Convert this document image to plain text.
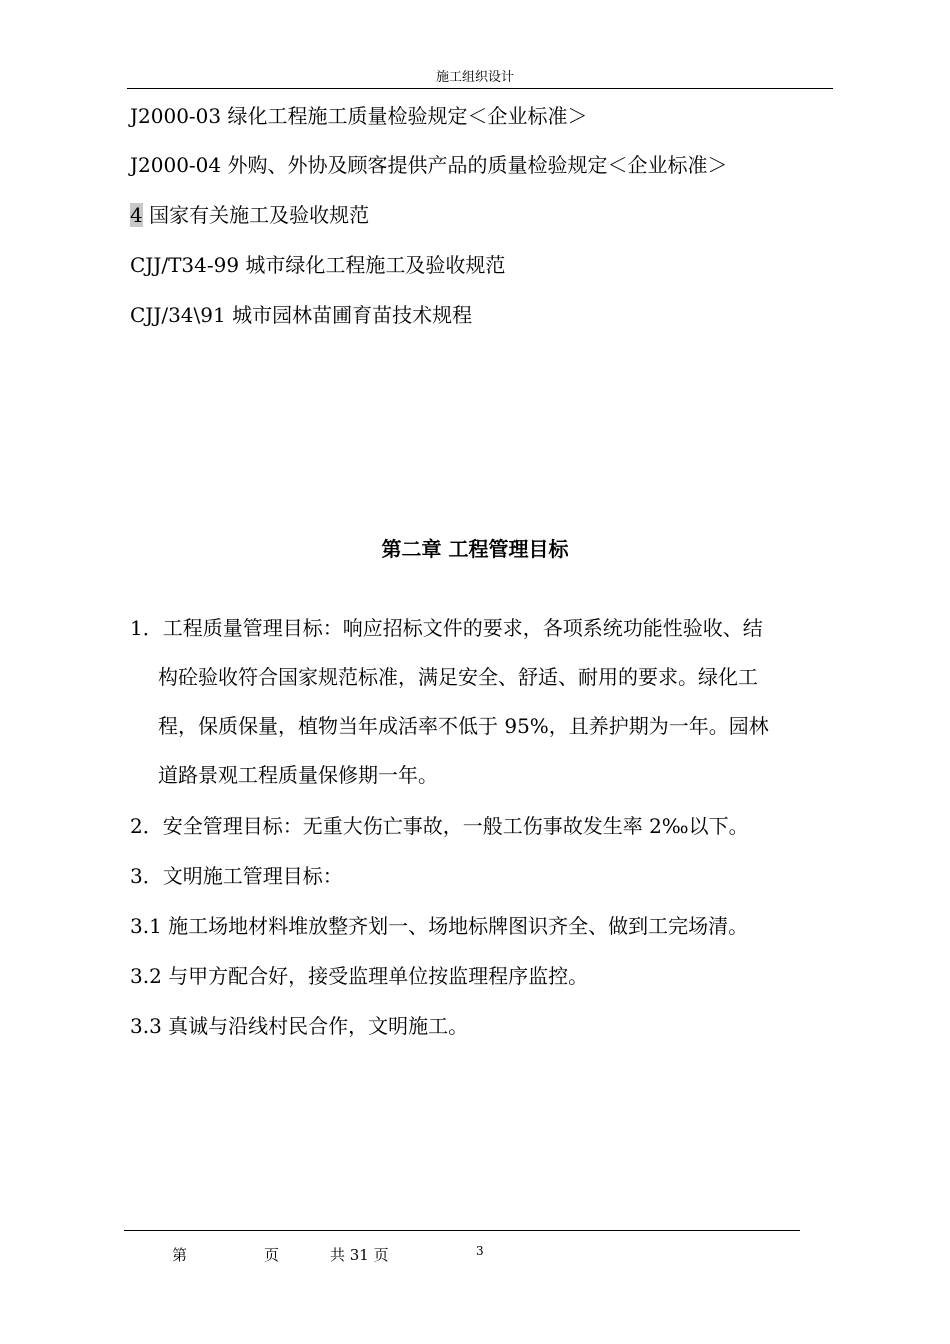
施工组织设计
J2000-03 绿化工程施工质量检验规定＜企业标准＞
J2000-04 外购、外协及顾客提供产品的质量检验规定＜企业标准＞
4 国家有关施工及验收规范
CJJ/T34-99 城市绿化工程施工及验收规范
CJJ/34\91 城市园林苗圃育苗技术规程
第二章 工程管理目标
1．工程质量管理目标：响应招标文件的要求，各项系统功能性验收、结
构砼验收符合国家规范标准，满足安全、舒适、耐用的要求。绿化工
程，保质保量，植物当年成活率不低于 95%，且养护期为一年。园林
道路景观工程质量保修期一年。
2．安全管理目标：无重大伤亡事故，一般工伤事故发生率 2‰以下。
3．文明施工管理目标：
3.1 施工场地材料堆放整齐划一、场地标牌图识齐全、做到工完场清。
3.2 与甲方配合好，接受监理单位按监理程序监控。
3.3 真诚与沿线村民合作，文明施工。
第	页	共 31 页	3
